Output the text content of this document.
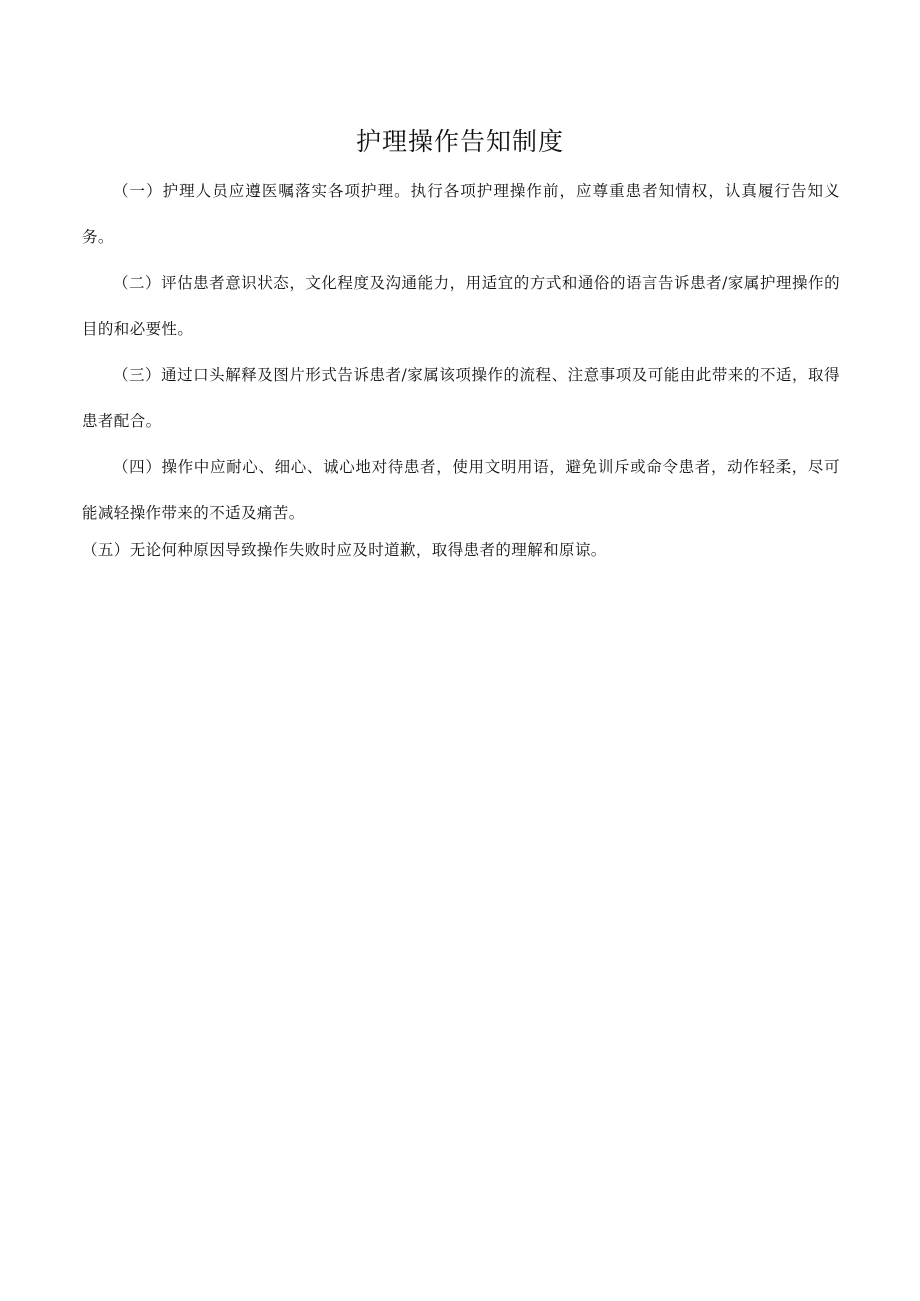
护理操作告知制度

（一）护理人员应遵医嘱落实各项护理。执行各项护理操作前，应尊重患者知情权，认真履行告知义务。

（二）评估患者意识状态，文化程度及沟通能力，用适宜的方式和通俗的语言告诉患者/家属护理操作的目的和必要性。

（三）通过口头解释及图片形式告诉患者/家属该项操作的流程、注意事项及可能由此带来的不适，取得患者配合。

（四）操作中应耐心、细心、诚心地对待患者，使用文明用语，避免训斥或命令患者，动作轻柔，尽可能减轻操作带来的不适及痛苦。

（五）无论何种原因导致操作失败时应及时道歉，取得患者的理解和原谅。
